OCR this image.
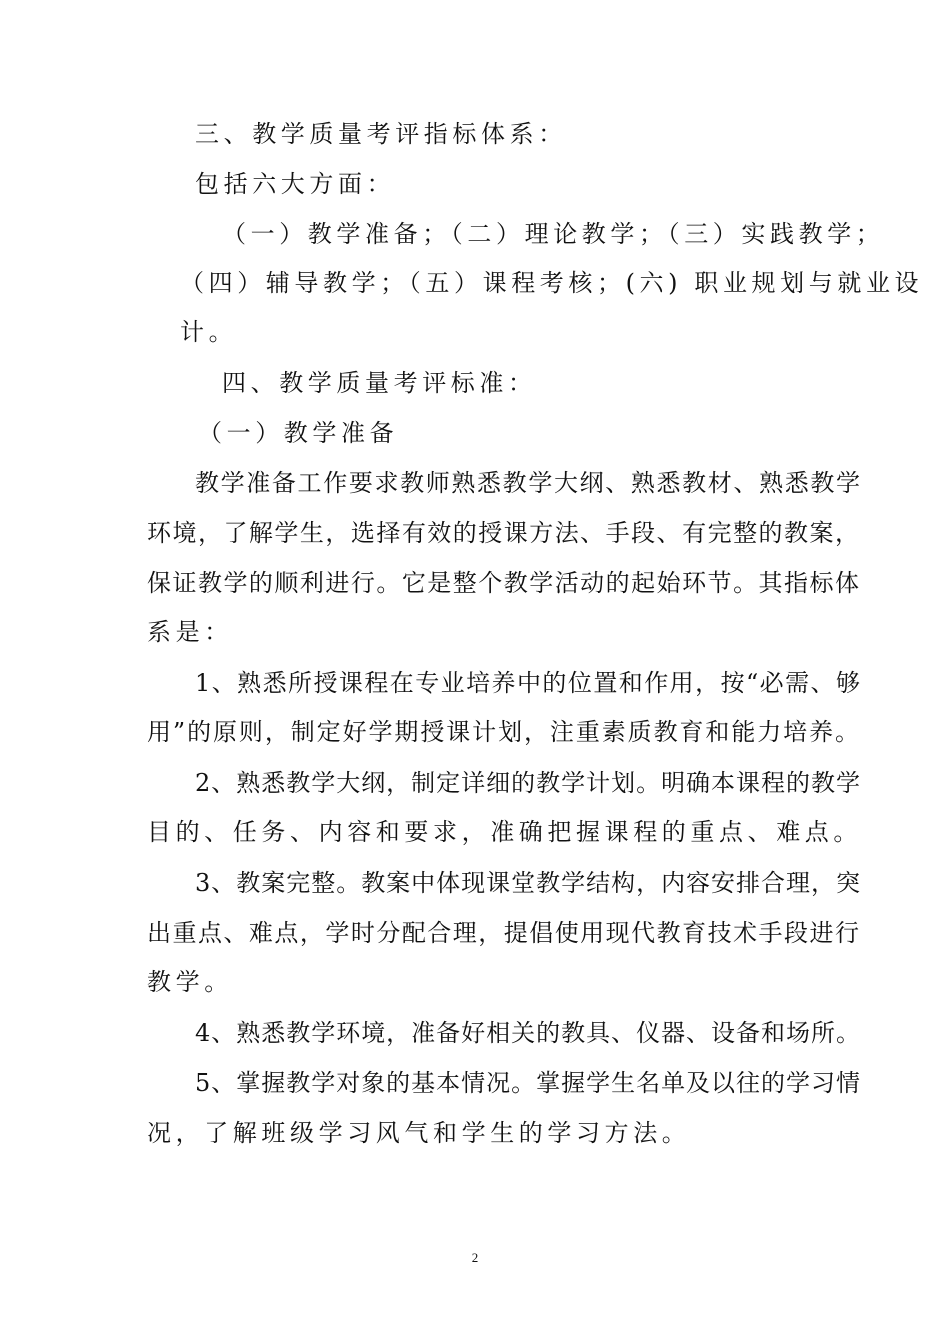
三、教学质量考评指标体系：

包括六大方面：

（一）教学准备；（二）理论教学；（三）实践教学；

（四）辅导教学；（五）课程考核；(六) 职业规划与就业设

计。

四、教学质量考评标准：

（一）教学准备

教学准备工作要求教师熟悉教学大纲、熟悉教材、熟悉教学

环境，了解学生，选择有效的授课方法、手段、有完整的教案，

保证教学的顺利进行。它是整个教学活动的起始环节。其指标体

系是：

1、熟悉所授课程在专业培养中的位置和作用，按“必需、够

用”的原则，制定好学期授课计划，注重素质教育和能力培养。

2、熟悉教学大纲，制定详细的教学计划。明确本课程的教学

目的、任务、内容和要求，准确把握课程的重点、难点。

3、教案完整。教案中体现课堂教学结构，内容安排合理，突

出重点、难点，学时分配合理，提倡使用现代教育技术手段进行

教学。

4、熟悉教学环境，准备好相关的教具、仪器、设备和场所。

5、掌握教学对象的基本情况。掌握学生名单及以往的学习情

况，了解班级学习风气和学生的学习方法。

2
